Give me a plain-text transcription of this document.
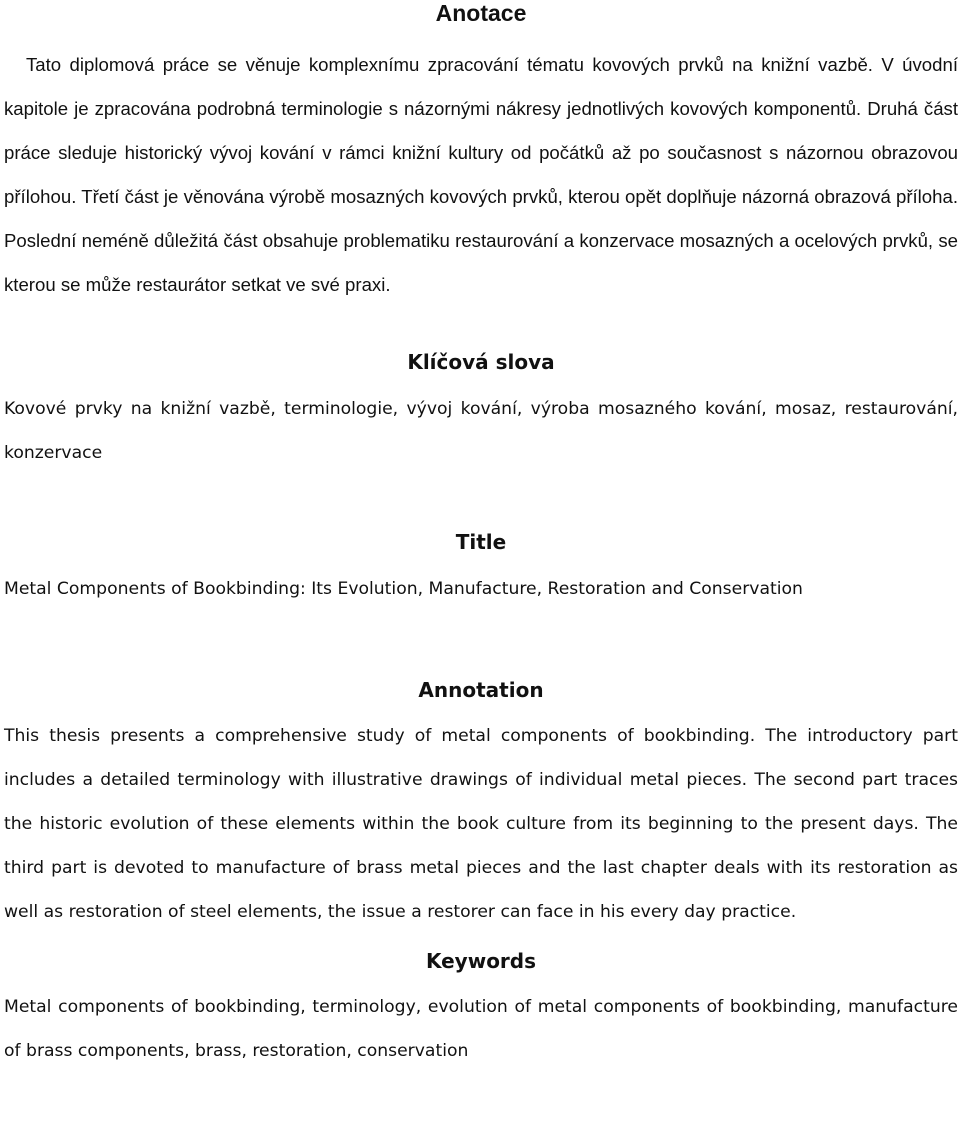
Anotace

Tato diplomová práce se věnuje komplexnímu zpracování tématu kovových prvků na knižní vazbě. V úvodní kapitole je zpracována podrobná terminologie s názornými nákresy jednotlivých kovových komponentů. Druhá část práce sleduje historický vývoj kování v rámci knižní kultury od počátků až po současnost s názornou obrazovou přílohou. Třetí část je věnována výrobě mosazných kovových prvků, kterou opět doplňuje názorná obrazová příloha. Poslední neméně důležitá část obsahuje problematiku restaurování a konzervace mosazných a ocelových prvků, se kterou se může restaurátor setkat ve své praxi.

Klíčová slova

Kovové prvky na knižní vazbě, terminologie, vývoj kování, výroba mosazného kování, mosaz, restaurování, konzervace

Title

Metal Components of Bookbinding: Its Evolution, Manufacture, Restoration and Conservation

Annotation

This thesis presents a comprehensive study of metal components of bookbinding. The introductory part includes a detailed terminology with illustrative drawings of individual metal pieces. The second part traces the historic evolution of these elements within the book culture from its beginning to the present days. The third part is devoted to manufacture of brass metal pieces and the last chapter deals with its restoration as well as restoration of steel elements, the issue a restorer can face in his every day practice.

Keywords

Metal components of bookbinding, terminology, evolution of metal components of bookbinding, manufacture of brass components, brass, restoration, conservation
